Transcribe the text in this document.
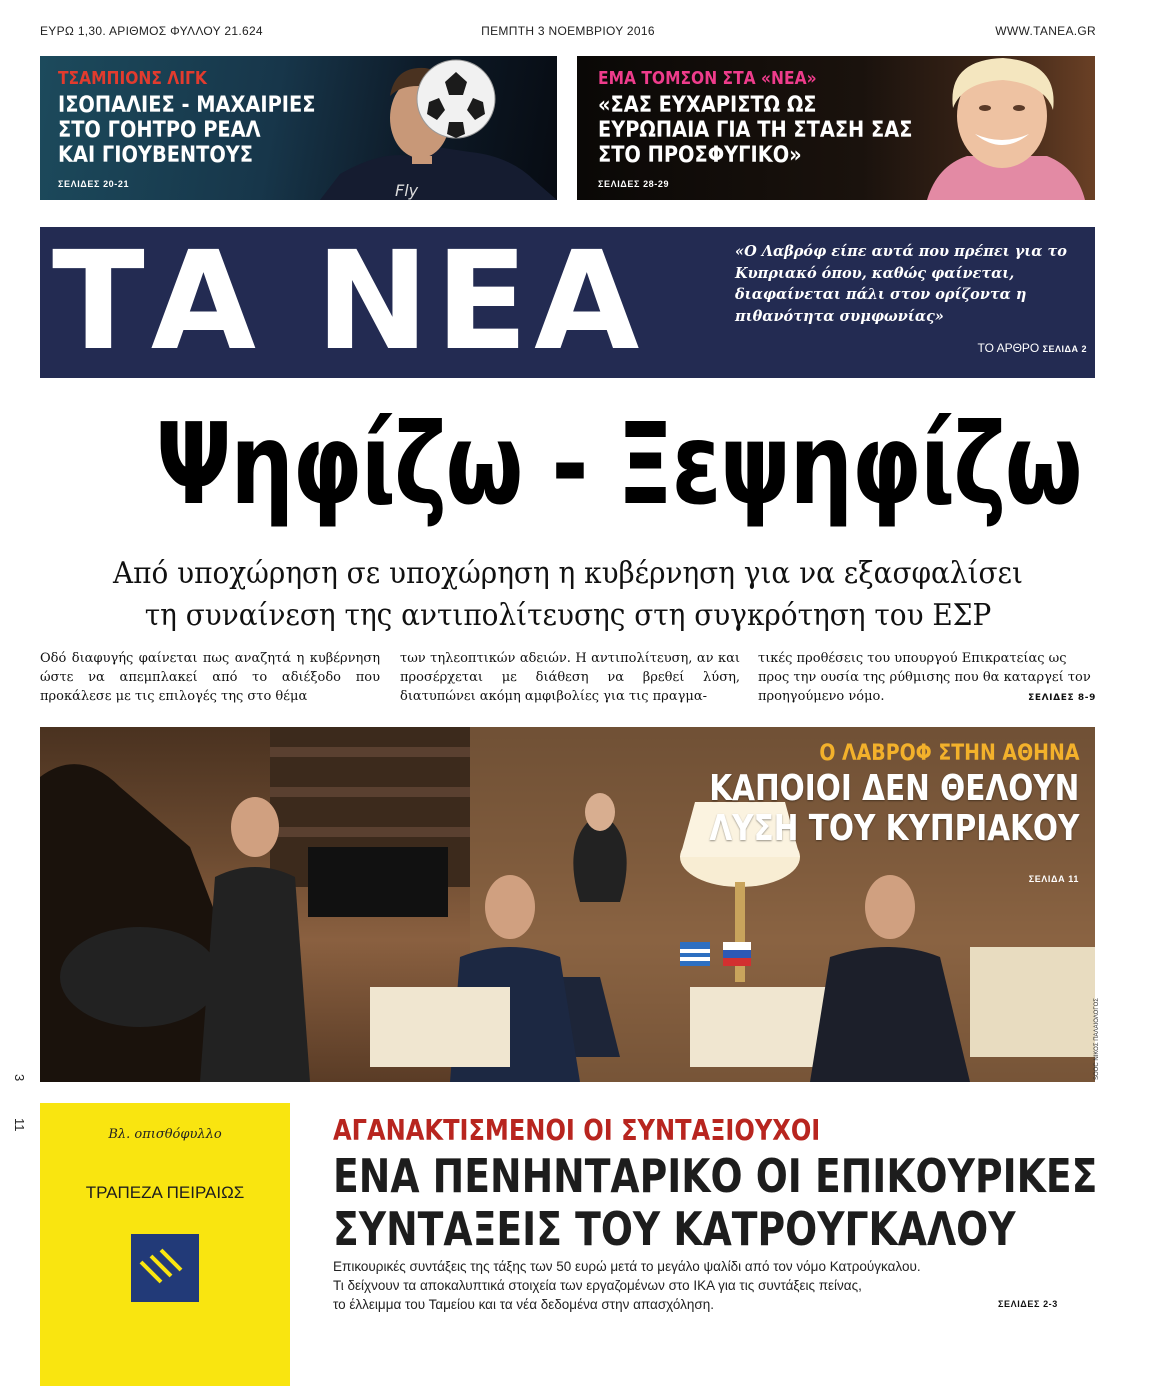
ΕΥΡΩ 1,30. ΑΡΙΘΜΟΣ ΦΥΛΛΟΥ 21.624	ΠΕΜΠΤΗ 3 ΝΟΕΜΒΡΙΟΥ 2016	WWW.TANEA.GR
Fly
ΤΣΑΜΠΙΟΝΣ ΛΙΓΚ
ΙΣΟΠΑΛΙΕΣ - ΜΑΧΑΙΡΙΕΣ
ΣΤΟ ΓΟΗΤΡΟ ΡΕΑΛ
ΚΑΙ ΓΙΟΥΒΕΝΤΟΥΣ
ΣΕΛΙΔΕΣ 20-21
ΕΜΑ ΤΟΜΣΟΝ ΣΤΑ «ΝΕΑ»
«ΣΑΣ ΕΥΧΑΡΙΣΤΩ ΩΣ
ΕΥΡΩΠΑΙΑ ΓΙΑ ΤΗ ΣΤΑΣΗ ΣΑΣ
ΣΤΟ ΠΡΟΣΦΥΓΙΚΟ»
ΣΕΛΙΔΕΣ 28-29
ΤΑ ΝΕΑ	«Ο Λαβρόφ είπε αυτά που πρέπει για το Κυπριακό όπου, καθώς φαίνεται, διαφαίνεται πάλι στον ορίζοντα η πιθανότητα συμφωνίας»
ΤΟ ΑΡΘΡΟ ΣΕΛΙΔΑ 2
Ψηφίζω - Ξεψηφίζω
Από υποχώρηση σε υποχώρηση η κυβέρνηση για να εξασφαλίσει
τη συναίνεση της αντιπολίτευσης στη συγκρότηση του ΕΣΡ
Οδό διαφυγής φαίνεται πως αναζητά η κυβέρνηση ώστε να απεμπλακεί από το αδιέξοδο που προκάλεσε με τις επιλογές της στο θέμα
των τηλεοπτικών αδειών. Η αντιπολίτευση, αν και προσέρχεται με διάθεση να βρεθεί λύση, διατυπώνει ακόμη αμφιβολίες για τις πραγμα-
τικές προθέσεις του υπουργού Επικρατείας ως προς την ουσία της ρύθμισης που θα καταργεί τον προηγούμενο νόμο.	ΣΕΛΙΔΕΣ 8-9
Ο ΛΑΒΡΟΦ ΣΤΗΝ ΑΘΗΝΑ
ΚΑΠΟΙΟΙ ΔΕΝ ΘΕΛΟΥΝ
ΛΥΣΗ ΤΟΥ ΚΥΠΡΙΑΚΟΥ
ΣΕΛΙΔΑ 11
SOOC ΝΙΚΟΣ ΠΑΛΑΙΟΛΟΓΟΣ
3
11
Βλ. οπισθόφυλλο
ΤΡΑΠΕΖΑ ΠΕΙΡΑΙΩΣ
ΑΓΑΝΑΚΤΙΣΜΕΝΟΙ ΟΙ ΣΥΝΤΑΞΙΟΥΧΟΙ
ΕΝΑ ΠΕΝΗΝΤΑΡΙΚΟ ΟΙ ΕΠΙΚΟΥΡΙΚΕΣ
ΣΥΝΤΑΞΕΙΣ ΤΟΥ ΚΑΤΡΟΥΓΚΑΛΟΥ
Επικουρικές συντάξεις της τάξης των 50 ευρώ μετά το μεγάλο ψαλίδι από τον νόμο Κατρούγκαλου.
Τι δείχνουν τα αποκαλυπτικά στοιχεία των εργαζομένων στο ΙΚΑ για τις συντάξεις πείνας,
το έλλειμμα του Ταμείου και τα νέα δεδομένα στην απασχόληση.	ΣΕΛΙΔΕΣ 2-3
